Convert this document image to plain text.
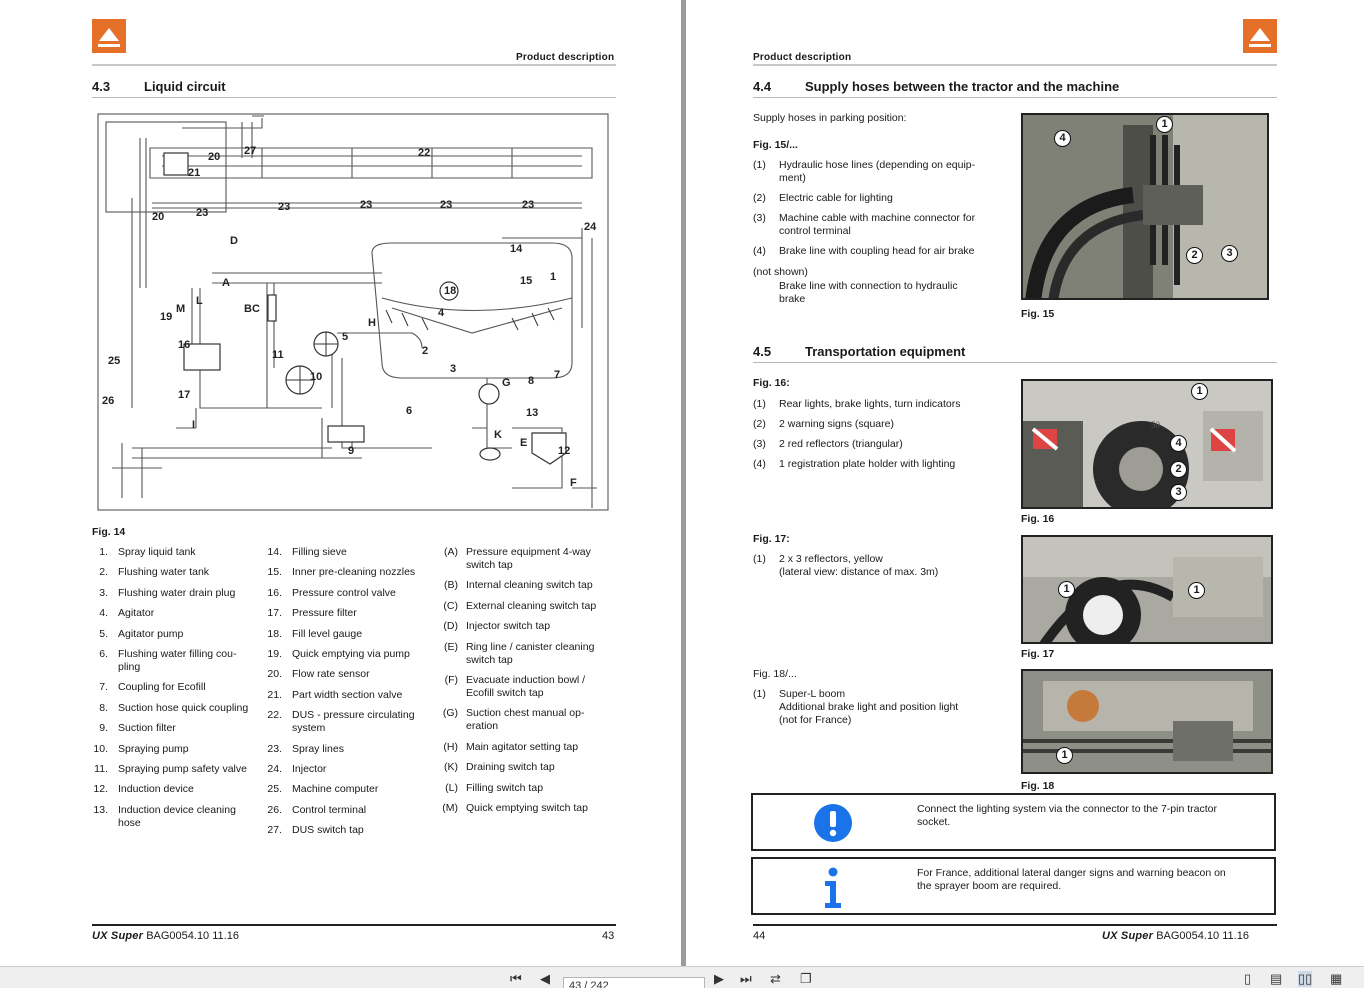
Product description
4.3	Liquid circuit
27
20
21
22
23	23	23	23	23
24
20
D
14
15 1
A
L
M	BC
19	H
18
4
5
2
16
11
25
10
3
G 8 7
26	17
I
6	13
K
E
12
9
F
Fig. 14
1. Spray liquid tank
2. Flushing water tank
3. Flushing water drain plug
4. Agitator
5. Agitator pump
6. Flushing water filling cou-
pling
7. Coupling for Ecofill
8. Suction hose quick coupling
9. Suction filter
10. Spraying pump
11. Spraying pump safety valve
12. Induction device
13. Induction device cleaning
hose
14. Filling sieve
15. Inner pre-cleaning nozzles
16. Pressure control valve
17. Pressure filter
18. Fill level gauge
19. Quick emptying via pump
20. Flow rate sensor
21. Part width section valve
22. DUS - pressure circulating
system
23. Spray lines
24. Injector
25. Machine computer
26. Control terminal
27. DUS switch tap
(A) Pressure equipment 4-way
switch tap
(B) Internal cleaning switch tap
(C) External cleaning switch tap
(D) Injector switch tap
(E) Ring line / canister cleaning
switch tap
(F) Evacuate induction bowl /
Ecofill switch tap
(G) Suction chest manual op-
eration
(H) Main agitator setting tap
(K) Draining switch tap
(L) Filling switch tap
(M) Quick emptying switch tap
UX Super BAG0054.10 11.16	43
Product description
4.4	Supply hoses between the tractor and the machine
Supply hoses in parking position:
Fig. 15/...
(1) Hydraulic hose lines (depending on equip-
ment)
(2) Electric cable for lighting
(3) Machine cable with machine connector for
control terminal
(4) Brake line with coupling head for air brake
(not shown)
Brake line with connection to hydraulic
brake
1
4
2	3
Fig. 15
4.5	Transportation equipment
Fig. 16:
(1) Rear lights, brake lights, turn indicators
(2) 2 warning signs (square)
(3) 2 red reflectors (triangular)
(4) 1 registration plate holder with lighting
50
1
4
2
3
Fig. 16
Fig. 17:
(1) 2 x 3 reflectors, yellow
(lateral view: distance of max. 3m)
1	1
Fig. 17
Fig. 18/...
(1) Super-L boom
Additional brake light and position light
(not for France)
1
Fig. 18
Connect the lighting system via the connector to the 7-pin tractor
socket.
For France, additional lateral danger signs and warning beacon on
the sprayer boom are required.
44	UX Super BAG0054.10 11.16
⏮ ◀	43 / 242	▶ ⏭ ⇄ ❐	▯ ▤ ▯▯ ▦
